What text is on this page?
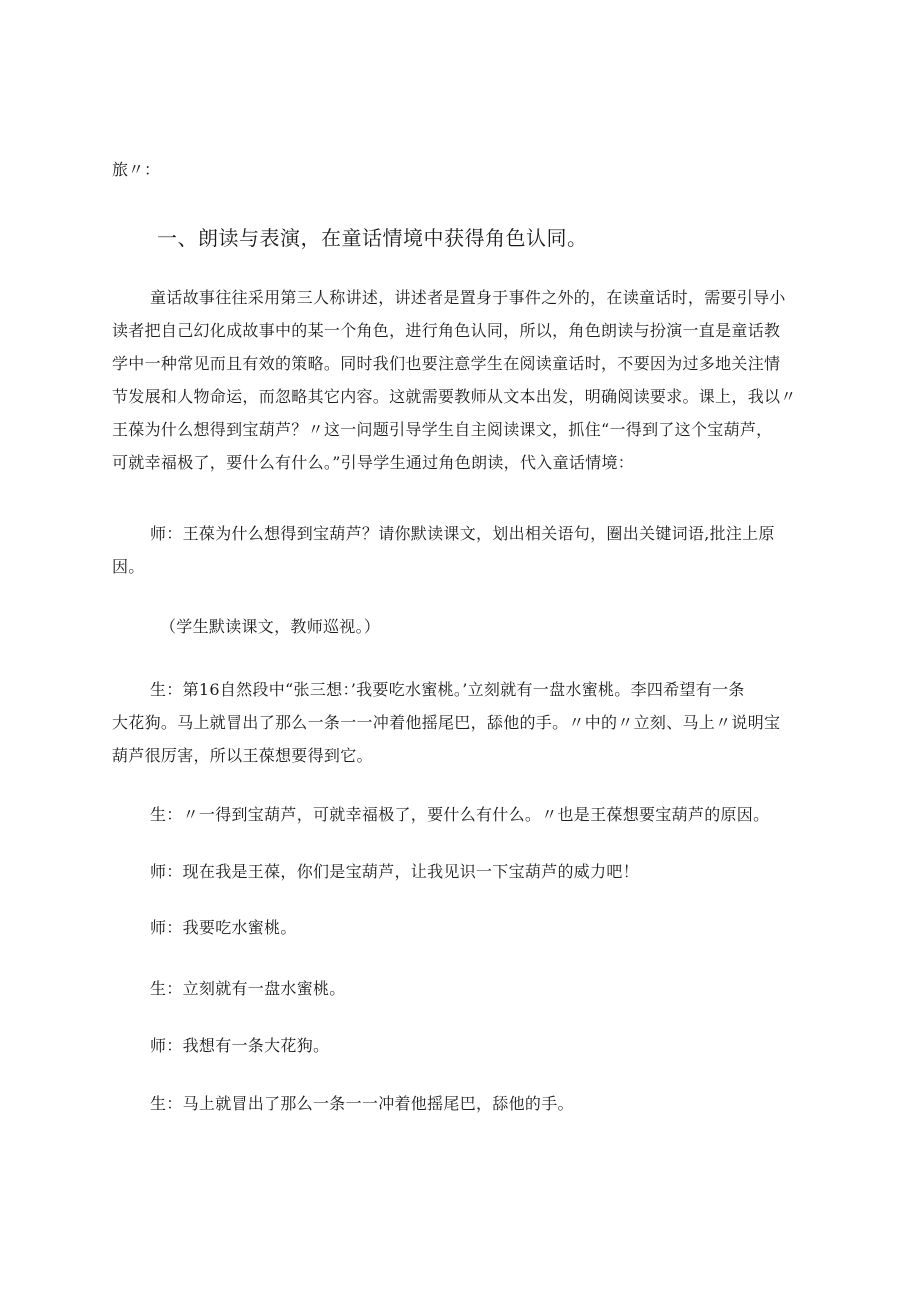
旅〃：
一、朗读与表演，在童话情境中获得角色认同。
童话故事往往采用第三人称讲述，讲述者是置身于事件之外的，在读童话时，需要引导小
读者把自己幻化成故事中的某一个角色，进行角色认同，所以，角色朗读与扮演一直是童话教
学中一种常见而且有效的策略。同时我们也要注意学生在阅读童话时，不要因为过多地关注情
节发展和人物命运，而忽略其它内容。这就需要教师从文本出发，明确阅读要求。课上，我以〃
王葆为什么想得到宝葫芦？〃这一问题引导学生自主阅读课文，抓住“一得到了这个宝葫芦，
可就幸福极了，要什么有什么。”引导学生通过角色朗读，代入童话情境：
师：王葆为什么想得到宝葫芦？请你默读课文，划出相关语句，圈出关键词语,批注上原
因。
（学生默读课文，教师巡视。）
生：第16自然段中“张三想：’我要吃水蜜桃。’立刻就有一盘水蜜桃。李四希望有一条
大花狗。马上就冒出了那么一条一一冲着他摇尾巴，舔他的手。〃中的〃立刻、马上〃说明宝
葫芦很厉害，所以王葆想要得到它。
生：〃一得到宝葫芦，可就幸福极了，要什么有什么。〃也是王葆想要宝葫芦的原因。
师：现在我是王葆，你们是宝葫芦，让我见识一下宝葫芦的威力吧！
师：我要吃水蜜桃。
生：立刻就有一盘水蜜桃。
师：我想有一条大花狗。
生：马上就冒出了那么一条一一冲着他摇尾巴，舔他的手。
